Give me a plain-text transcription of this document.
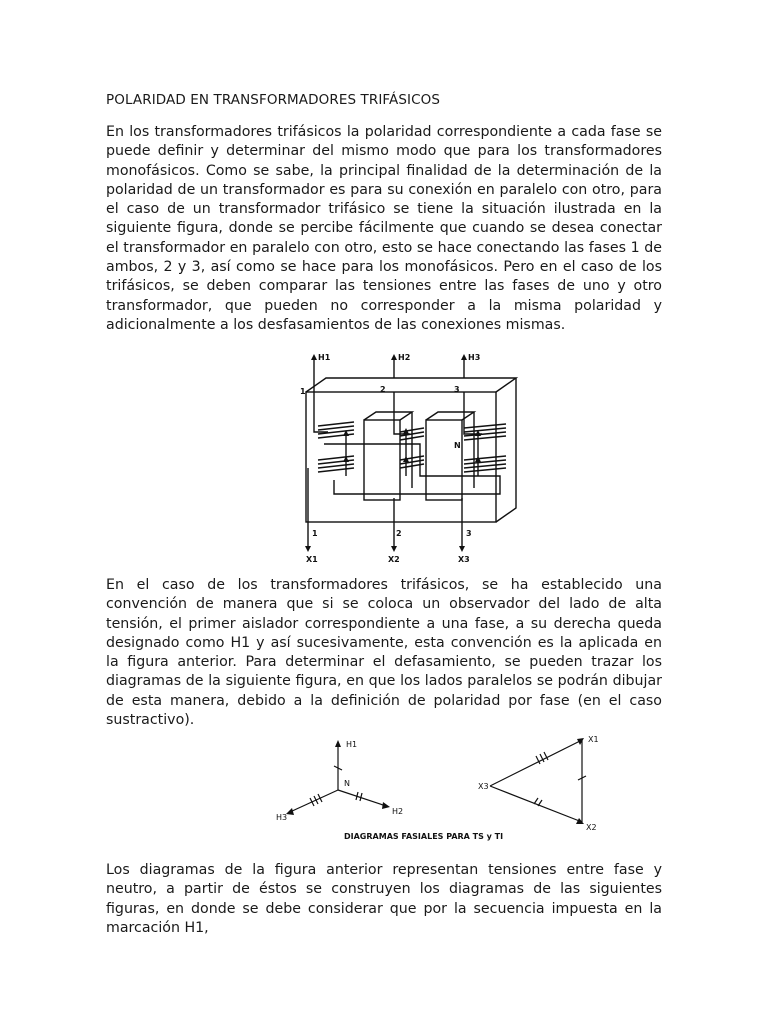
POLARIDAD EN TRANSFORMADORES TRIFÁSICOS

En los transformadores trifásicos la polaridad correspondiente a cada fase se puede definir y determinar del mismo modo que para los transformadores monofásicos. Como se sabe, la principal finalidad de la determinación de la polaridad de un transformador es para su conexión en paralelo con otro, para el caso de un transformador trifásico se tiene la situación ilustrada en la siguiente figura, donde se percibe fácilmente que cuando se desea conectar el transformador en paralelo con otro, esto se hace conectando las fases 1 de ambos, 2 y 3, así como se hace para los monofásicos. Pero en el caso de los trifásicos, se deben comparar las tensiones entre las fases de uno y otro transformador, que pueden no corresponder a la misma polaridad y adicionalmente a los desfasamientos de las conexiones mismas.

H1	H2	H3
1	2	3
1	2	3
N
X1	X2	X3

En el caso de los transformadores trifásicos, se ha establecido una convención de manera que si se coloca un observador del lado de alta tensión, el primer aislador correspondiente a una fase, a su derecha queda designado como H1 y así sucesivamente, esta convención es la aplicada en la figura anterior. Para determinar el defasamiento, se pueden trazar los diagramas de la siguiente figura, en que los lados paralelos se podrán dibujar de esta manera, debido a la definición de polaridad por fase (en el caso sustractivo).

H1
N
H2
H3
X1
X2
X3
DIAGRAMAS FASIALES PARA TS y TI

Los diagramas de la figura anterior representan tensiones entre fase y neutro, a partir de éstos se construyen los diagramas de las siguientes figuras, en donde se debe considerar que por la secuencia impuesta en la marcación H1,
